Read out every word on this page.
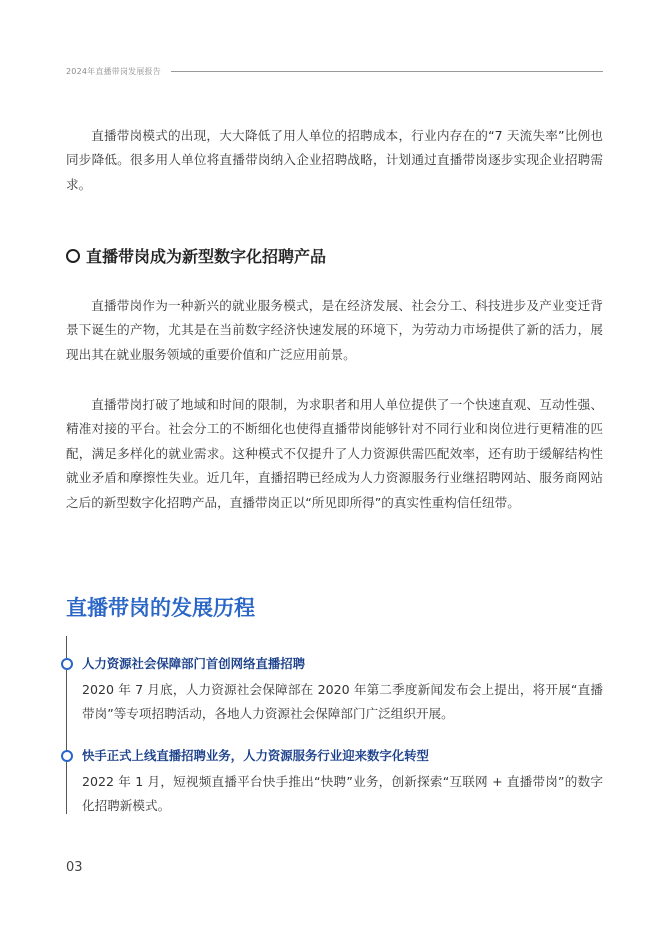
2024年直播带岗发展报告

直播带岗模式的出现，大大降低了用人单位的招聘成本，行业内存在的“7 天流失率”比例也同步降低。很多用人单位将直播带岗纳入企业招聘战略，计划通过直播带岗逐步实现企业招聘需求。

直播带岗成为新型数字化招聘产品

直播带岗作为一种新兴的就业服务模式，是在经济发展、社会分工、科技进步及产业变迁背景下诞生的产物，尤其是在当前数字经济快速发展的环境下，为劳动力市场提供了新的活力，展现出其在就业服务领域的重要价值和广泛应用前景。

直播带岗打破了地域和时间的限制，为求职者和用人单位提供了一个快速直观、互动性强、精准对接的平台。社会分工的不断细化也使得直播带岗能够针对不同行业和岗位进行更精准的匹配，满足多样化的就业需求。这种模式不仅提升了人力资源供需匹配效率，还有助于缓解结构性就业矛盾和摩擦性失业。近几年，直播招聘已经成为人力资源服务行业继招聘网站、服务商网站之后的新型数字化招聘产品，直播带岗正以“所见即所得”的真实性重构信任纽带。

直播带岗的发展历程

人力资源社会保障部门首创网络直播招聘

2020 年 7 月底，人力资源社会保障部在 2020 年第二季度新闻发布会上提出，将开展“直播带岗”等专项招聘活动，各地人力资源社会保障部门广泛组织开展。

快手正式上线直播招聘业务，人力资源服务行业迎来数字化转型

2022 年 1 月，短视频直播平台快手推出“快聘”业务，创新探索“互联网 + 直播带岗”的数字化招聘新模式。

03
